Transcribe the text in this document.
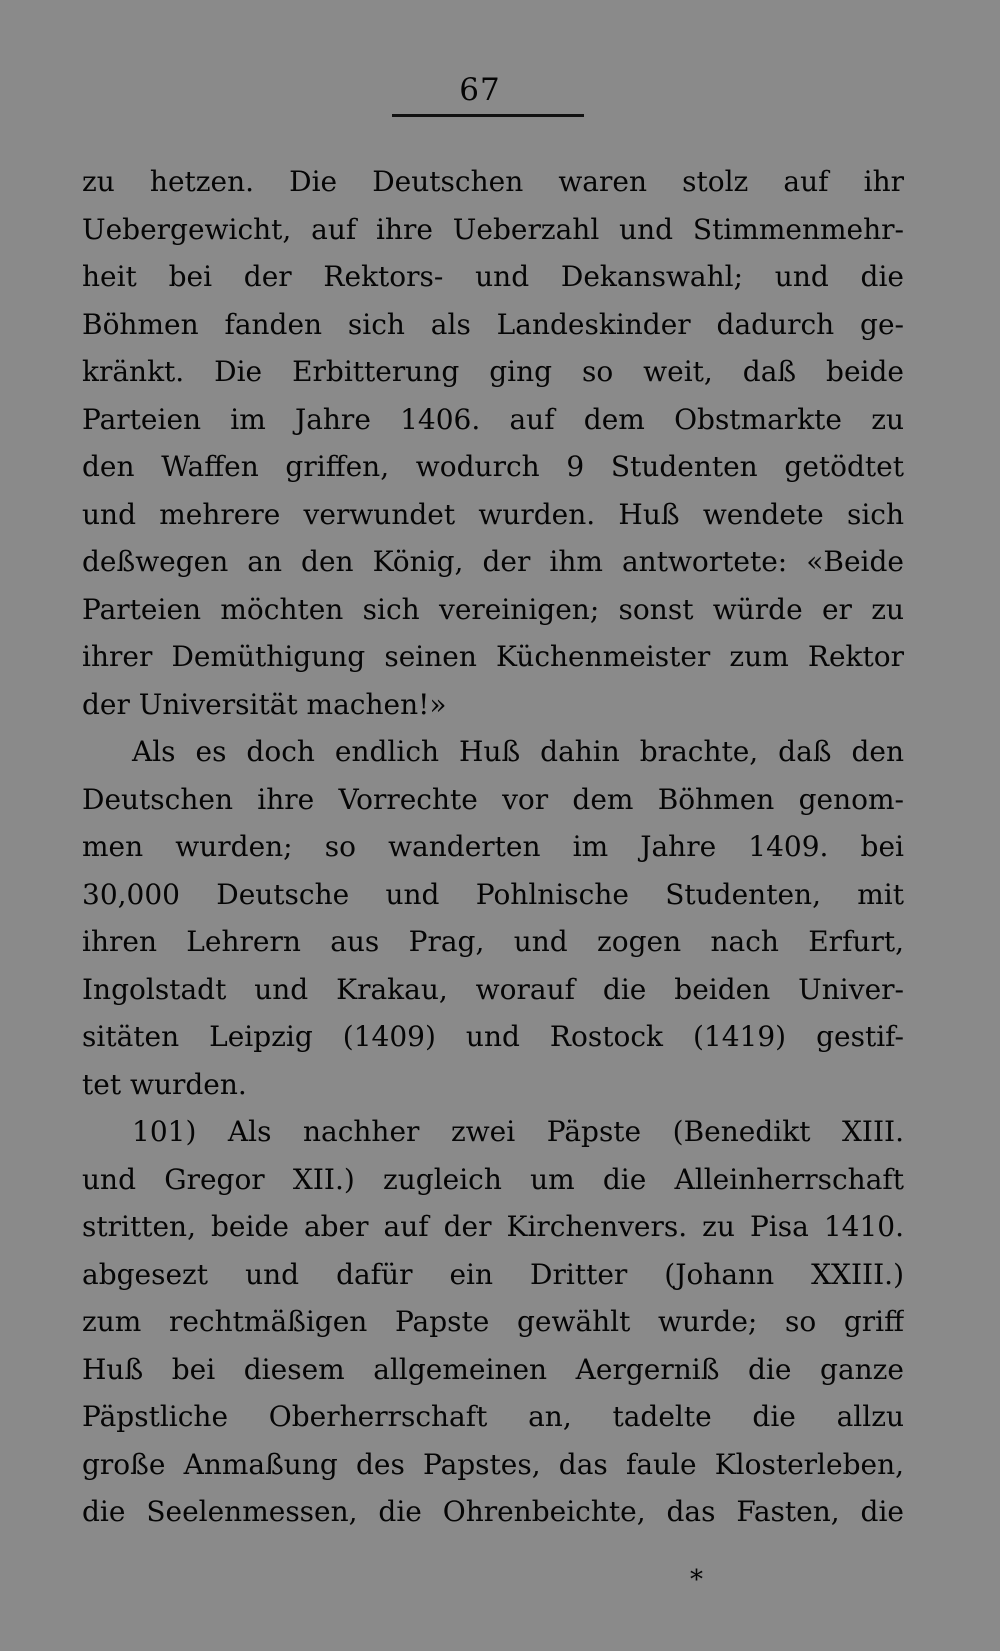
67
zu hetzen. Die Deutschen waren stolz auf ihr
Uebergewicht, auf ihre Ueberzahl und Stimmenmehr-
heit bei der Rektors- und Dekanswahl; und die
Böhmen fanden sich als Landeskinder dadurch ge-
kränkt. Die Erbitterung ging so weit, daß beide
Parteien im Jahre 1406. auf dem Obstmarkte zu
den Waffen griffen, wodurch 9 Studenten getödtet
und mehrere verwundet wurden. Huß wendete sich
deßwegen an den König, der ihm antwortete: «Beide
Parteien möchten sich vereinigen; sonst würde er zu
ihrer Demüthigung seinen Küchenmeister zum Rektor
der Universität machen!»
Als es doch endlich Huß dahin brachte, daß den
Deutschen ihre Vorrechte vor dem Böhmen genom-
men wurden; so wanderten im Jahre 1409. bei
30,000 Deutsche und Pohlnische Studenten, mit
ihren Lehrern aus Prag, und zogen nach Erfurt,
Ingolstadt und Krakau, worauf die beiden Univer-
sitäten Leipzig (1409) und Rostock (1419) gestif-
tet wurden.
101) Als nachher zwei Päpste (Benedikt XIII.
und Gregor XII.) zugleich um die Alleinherrschaft
stritten, beide aber auf der Kirchenvers. zu Pisa 1410.
abgesezt und dafür ein Dritter (Johann XXIII.)
zum rechtmäßigen Papste gewählt wurde; so griff
Huß bei diesem allgemeinen Aergerniß die ganze
Päpstliche Oberherrschaft an, tadelte die allzu
große Anmaßung des Papstes, das faule Klosterleben,
die Seelenmessen, die Ohrenbeichte, das Fasten, die
*
